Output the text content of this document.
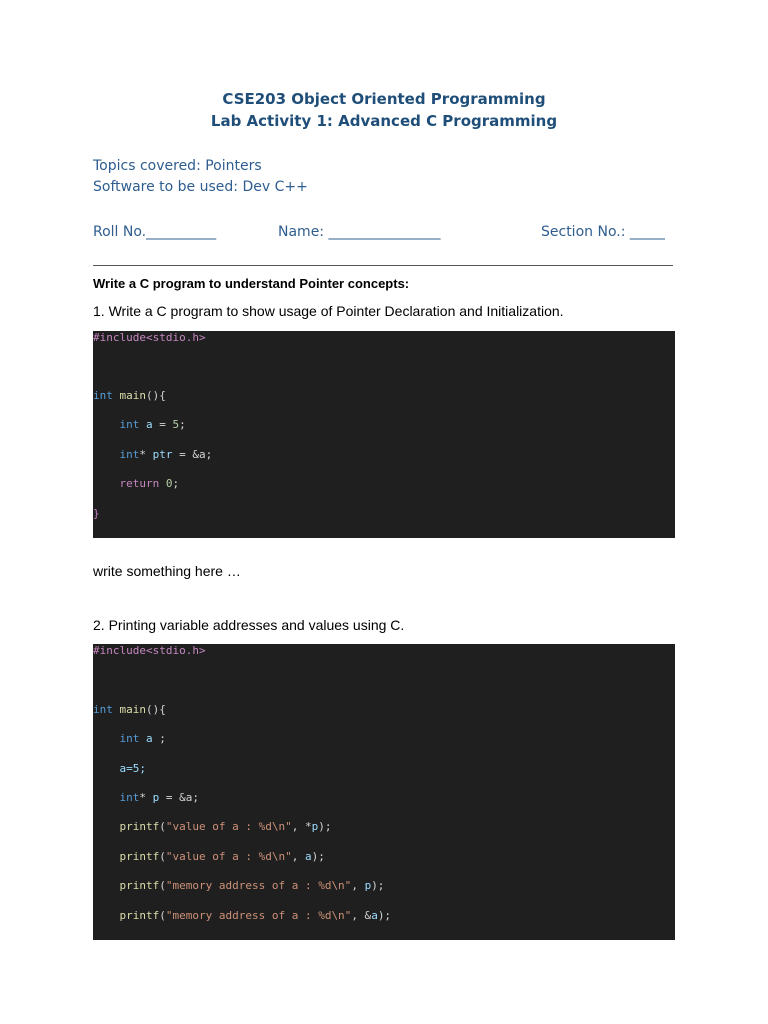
CSE203 Object Oriented Programming
Lab Activity 1: Advanced C Programming
Topics covered: Pointers
Software to be used: Dev C++
Roll No.__________	Name: ________________	Section No.: _____
Write a C program to understand Pointer concepts:
1. Write a C program to show usage of Pointer Declaration and Initialization.
#include<stdio.h>
int main(){
int a = 5;
int* ptr = &a;
return 0;
}
write something here …
2. Printing variable addresses and values using C.
#include<stdio.h>
int main(){
int a ;
a=5;
int* p = &a;
printf("value of a : %d\n", *p);
printf("value of a : %d\n", a);
printf("memory address of a : %d\n", p);
printf("memory address of a : %d\n", &a);
